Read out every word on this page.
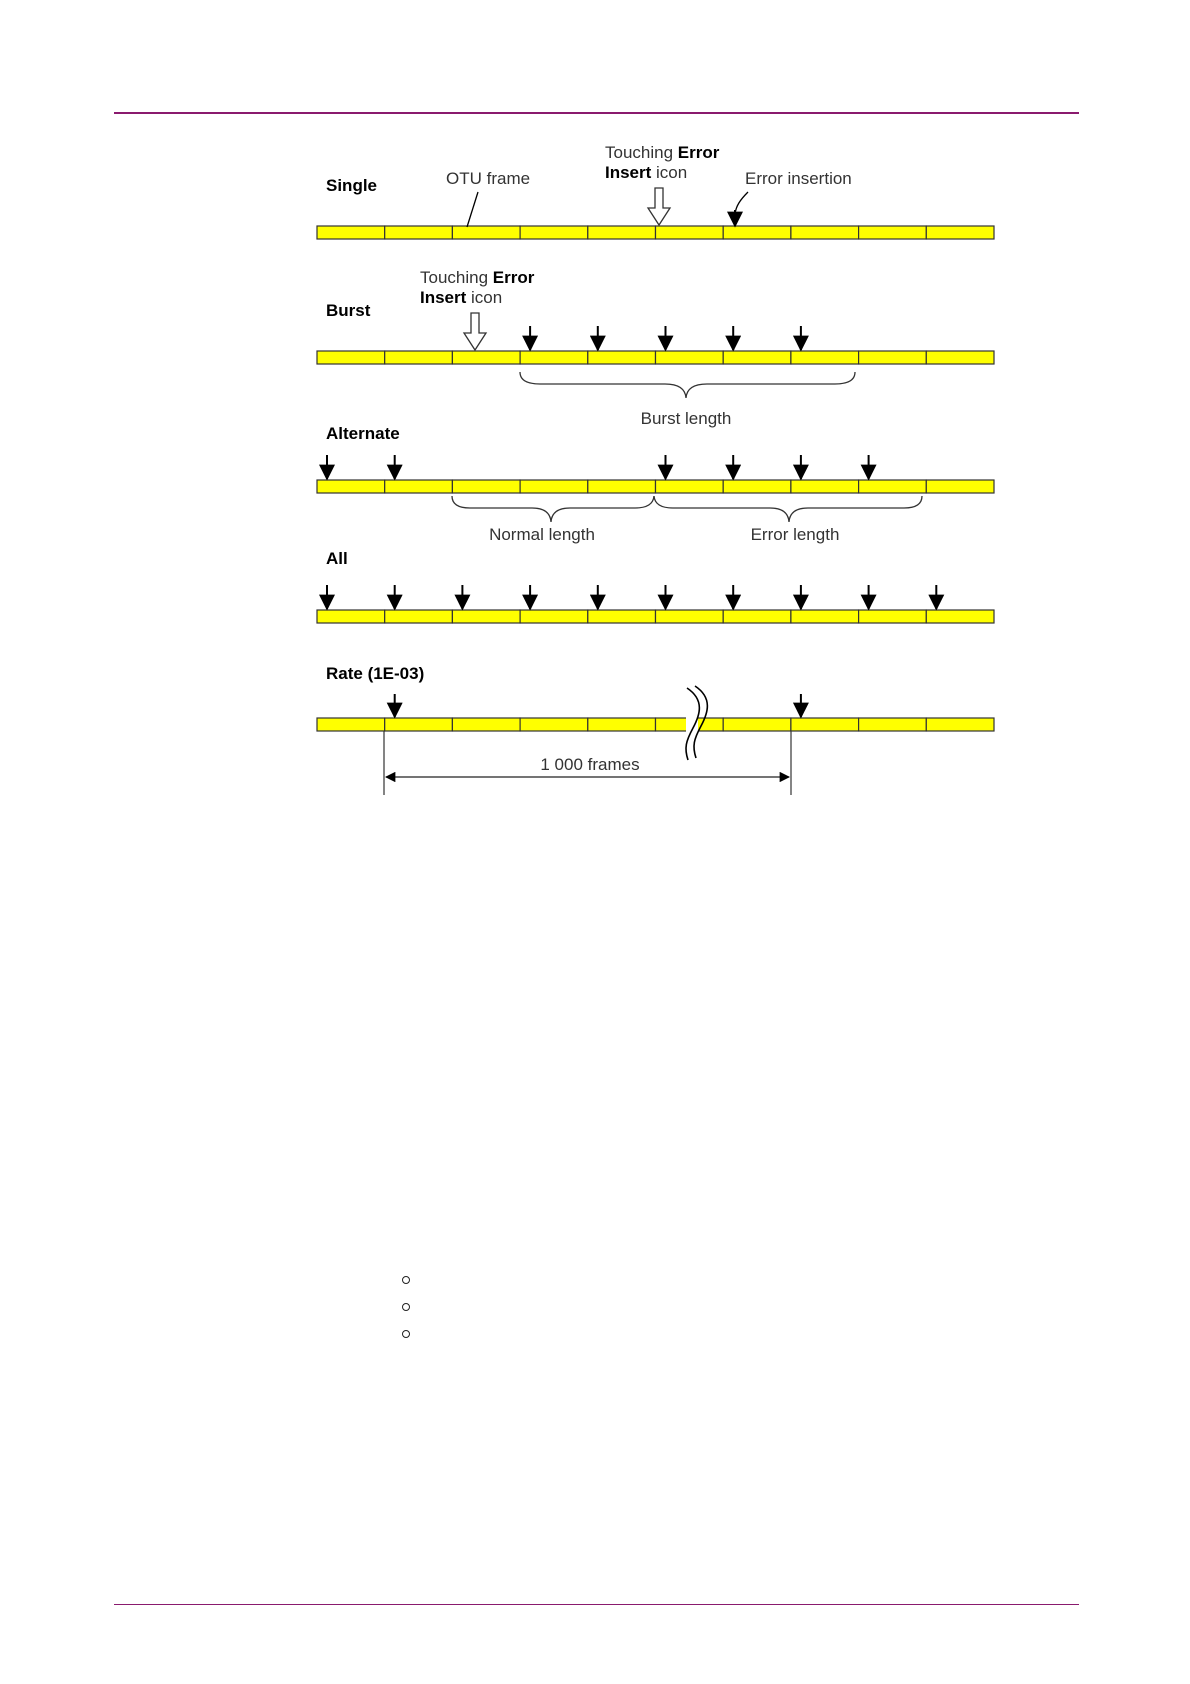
Single	OTU frame
Touching Error
Insert icon	Error insertion
Burst
Touching Error
Insert icon
Burst length
Alternate
Normal length	Error length
All
Rate (1E-03)
1 000 frames
